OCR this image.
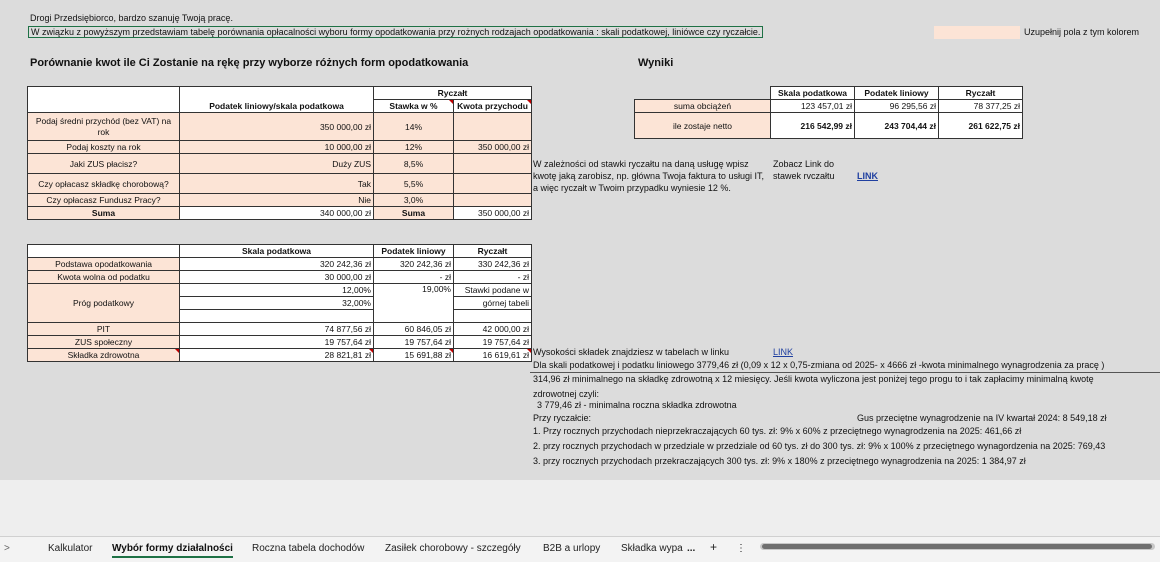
Drogi Przedsiębiorco, bardzo szanuję Twoją pracę.
W związku z powyższym przedstawiam tabelę porównania opłacalności wyboru formy opodatkowania przy rożnych rodzajach opodatkowania : skali podatkowej, liniówce czy ryczałcie.	Uzupełnij pola z tym kolorem
Porównanie kwot ile Ci Zostanie na rękę przy wyborze różnych form opodatkowania	Wyniki
		Ryczałt	
	Podatek liniowy/skala podatkowa	Stawka w %	Kwota przychodu

Podaj średni przychód (bez VAT) na rok	350 000,00 zł	14%	
Podaj koszty na rok	10 000,00 zł	12%	350 000,00 zł
Jaki ZUS płacisz?	Duży ZUS	8,5%	
Czy opłacasz składkę chorobową?	Tak	5,5%	
Czy opłacasz Fundusz Pracy?	Nie	3,0%	
Suma	340 000,00 zł	Suma	350 000,00 zł
	Skala podatkowa	Podatek liniowy	Ryczałt
Podstawa opodatkowania	320 242,36 zł	320 242,36 zł	330 242,36 zł
Kwota wolna od podatku	30 000,00 zł	- zł	- zł
Próg podatkowy	12,00%	19,00%	Stawki podane w
	32,00%		górnej tabeli

PIT	74 877,56 zł	60 846,05 zł	42 000,00 zł
ZUS społeczny	19 757,64 zł	19 757,64 zł	19 757,64 zł
Składka zdrowotna	28 821,81 zł	15 691,88 zł	16 619,61 zł
	Skala podatkowa	Podatek liniowy	Ryczałt
suma obciążeń	123 457,01 zł	96 295,56 zł	78 377,25 zł
ile zostaje netto	216 542,99 zł	243 704,44 zł	261 622,75 zł
W zależności od stawki ryczałtu na daną usługę wpisz kwotę jaką zarobisz, np. główna Twoja faktura to usługi IT, a więc ryczałt w Twoim przypadku wyniesie 12 %.
Zobacz Link do stawek rvczałtu	LINK
Wysokości składek znajdziesz w tabelach w linku	LINK
Dla skali podatkowej i podatku liniowego 3779,46 zł (0,09 x 12 x 0,75-zmiana od 2025- x 4666 zł -kwota minimalnego wynagrodzenia za pracę )
314,96 zł minimalnego na składkę zdrowotną x 12 miesięcy. Jeśli kwota wyliczona jest poniżej tego progu to i tak zapłacimy minimalną kwotę
zdrowotnej czyli:
3 779,46 zł - minimalna roczna składka zdrowotna
Przy ryczałcie:	Gus przeciętne wynagrodzenie na IV kwartał 2024: 8 549,18 zł
1. Przy rocznych przychodach nieprzekraczających 60 tys. zł: 9% x 60% z przeciętnego wynagrodzenia na 2025: 461,66 zł
2. przy rocznych przychodach w przedziale w przedziale od 60 tys. zł do 300 tys. zł: 9% x 100% z przeciętnego wynagordzenia na 2025: 769,43
3. przy rocznych przychodach przekraczających 300 tys. zł: 9% x 180% z przeciętnego wynagrodzenia na 2025: 1 384,97 zł
>	Kalkulator Wybór formy działalności Roczna tabela dochodów Zasiłek chorobowy - szczegóły B2B a urlopy Składka wypa ... + ⋮
